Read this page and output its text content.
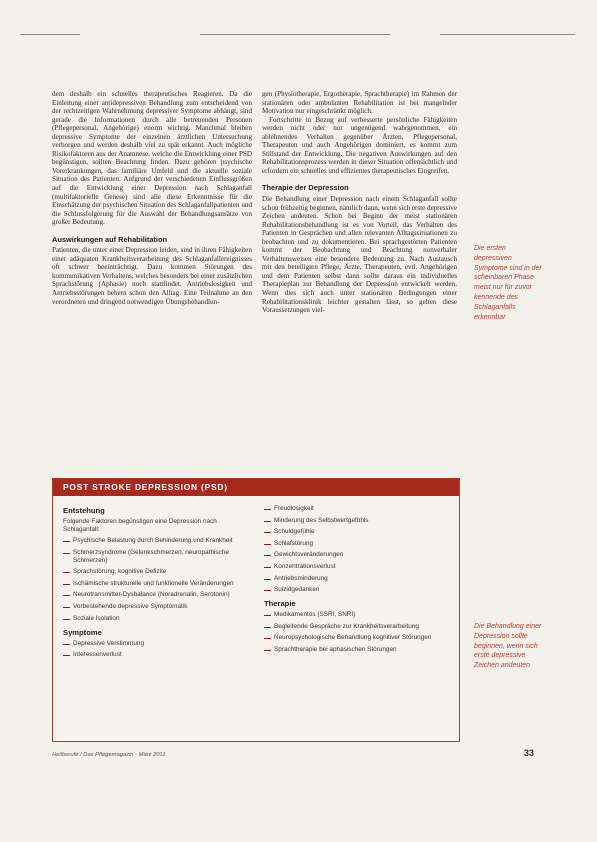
dem deshalb ein schnelles therapeutisches Reagieren. Da die Einleitung einer antidepressiven Behandlung zum entscheidend von der rechtzeitigen Wahrnehmung depressiver Symptome abhängt, sind gerade die Informationen durch alle betreuenden Personen (Pflegepersonal, Angehörige) enorm wichtig. Manchmal bleiben depressive Symptome der einzelnen ärztlichen Untersuchung verborgen und werden deshalb viel zu spät erkannt. Auch mögliche Risikofaktoren aus der Anamnese, welche die Entwicklung einer PSD begünstigen, sollten Beachtung finden. Dazu gehören psychische Vorerkrankungen, das familiäre Umfeld und die aktuelle soziale Situation des Patienten. Aufgrund der verschiedenen Einflussgrößen auf die Entwicklung einer Depression nach Schlaganfall (multifaktorielle Genese) sind alle diese Erkenntnisse für die Einschätzung der psychischen Situation des Schlaganfallpatienten und die Schlussfolgerung für die Auswahl der Behandlungsansätze von großer Bedeutung.

Auswirkungen auf Rehabilitation

Patienten, die unter einer Depression leiden, sind in ihren Fähigkeiten einer adäquaten Krankheitsverarbeitung des Schlaganfallereignisses oft schwer beeinträchtigt. Dazu kommen Störungen des kommunikativen Verhaltens, welches besonders bei einer zusätzlichen Sprachstörung (Aphasie) noch stattfindet. Antriebslosigkeit und Antriebsstörungen behern schon den Alltag. Eine Teilnahme an den verordneten und dringend notwendigen Übungsbehandlun-

gen (Physiotherapie, Ergotherapie, Sprachtherapie) im Rahmen der stationären oder ambulanten Rehabilitation ist bei mangelnder Motivation nur eingeschränkt möglich.

Fortschritte in Bezug auf verbesserte persönliche Fähigkeiten werden nicht oder nur ungenügend wahrgenommen, ein ablehnendes Verhalten gegenüber Ärzten, Pflegepersonal, Therapeuten und auch Angehörigen dominiert, es kommt zum Stillstand der Entwicklung. Die negativen Auswirkungen auf den Rehabilitationsprozess werden in dieser Situation offensichtlich und erfordern ein schnelles und effizientes therapeutisches Eingreifen.

Therapie der Depression

Die Behandlung einer Depression nach einem Schlaganfall sollte schon frühzeitig beginnen, nämlich dann, wenn sich erste depressive Zeichen andeuten. Schon bei Beginn der meist stationären Rehabilitationsbehandlung ist es von Vorteil, das Verhalten des Patienten in Gesprächen und allen relevanten Alltagssituationen zu beobachten und zu dokumentieren. Bei sprachgestörten Patienten kommt der Beobachtung und Beachtung nonverbaler Verhaltensweisen eine besondere Bedeutung zu. Nach Austausch mit den beteiligten Pflege, Ärzte, Therapeuten, evtl. Angehörigen und dem Patienten selbst dann sollte daraus ein individuelles Therapieplan zur Behandlung der Depression entwickelt werden. Wenn dies sich auch unter stationären Bedingungen einer Rehabilitationsklinik leichter gestalten lässt, so gelten diese Voraussetzungen viel-

Die ersten depressiven Symptome sind in der scheinbaren Phase meist nur für zuvor kennende des Schlaganfalls erkennbar
Die Behandlung einer Depression sollte beginnen, wenn sich erste depressive Zeichen andeuten
POST STROKE DEPRESSION (PSD)
Entstehung

Folgende Faktoren begünstigen eine Depression nach Schlaganfall:

Psychische Belastung durch Behinderung und Krankheit
Schmerzsyndrome (Gelenkschmerzen, neuropathische Schmerzen)
Sprachstörung, kognitive Defizite
Ischämische strukturelle und funktionelle Veränderungen
Neurotransmitter-Dysbalance (Noradrenalin, Serotonin)
Vorbestehende depressive Symptomatik
Soziale Isolation
Symptome
Depressive Verstimmung
Interessenverlust
Freudlosigkeit
Minderung des Selbstwertgefühls
Schuldgefühle
Schlafstörung
Gewichtsveränderungen
Konzentrationsverlust
Antriebsminderung
Suizidgedanken
Therapie
Medikamentös (SSRI, SNRI)
Begleitende Gespräche zur Krankheitsverarbeitung
Neuropsychologische Behandlung kognitiver Störungen
Sprachtherapie bei aphasischen Störungen
Heilberufe / Das Pflegemagazin · März 2011	33
